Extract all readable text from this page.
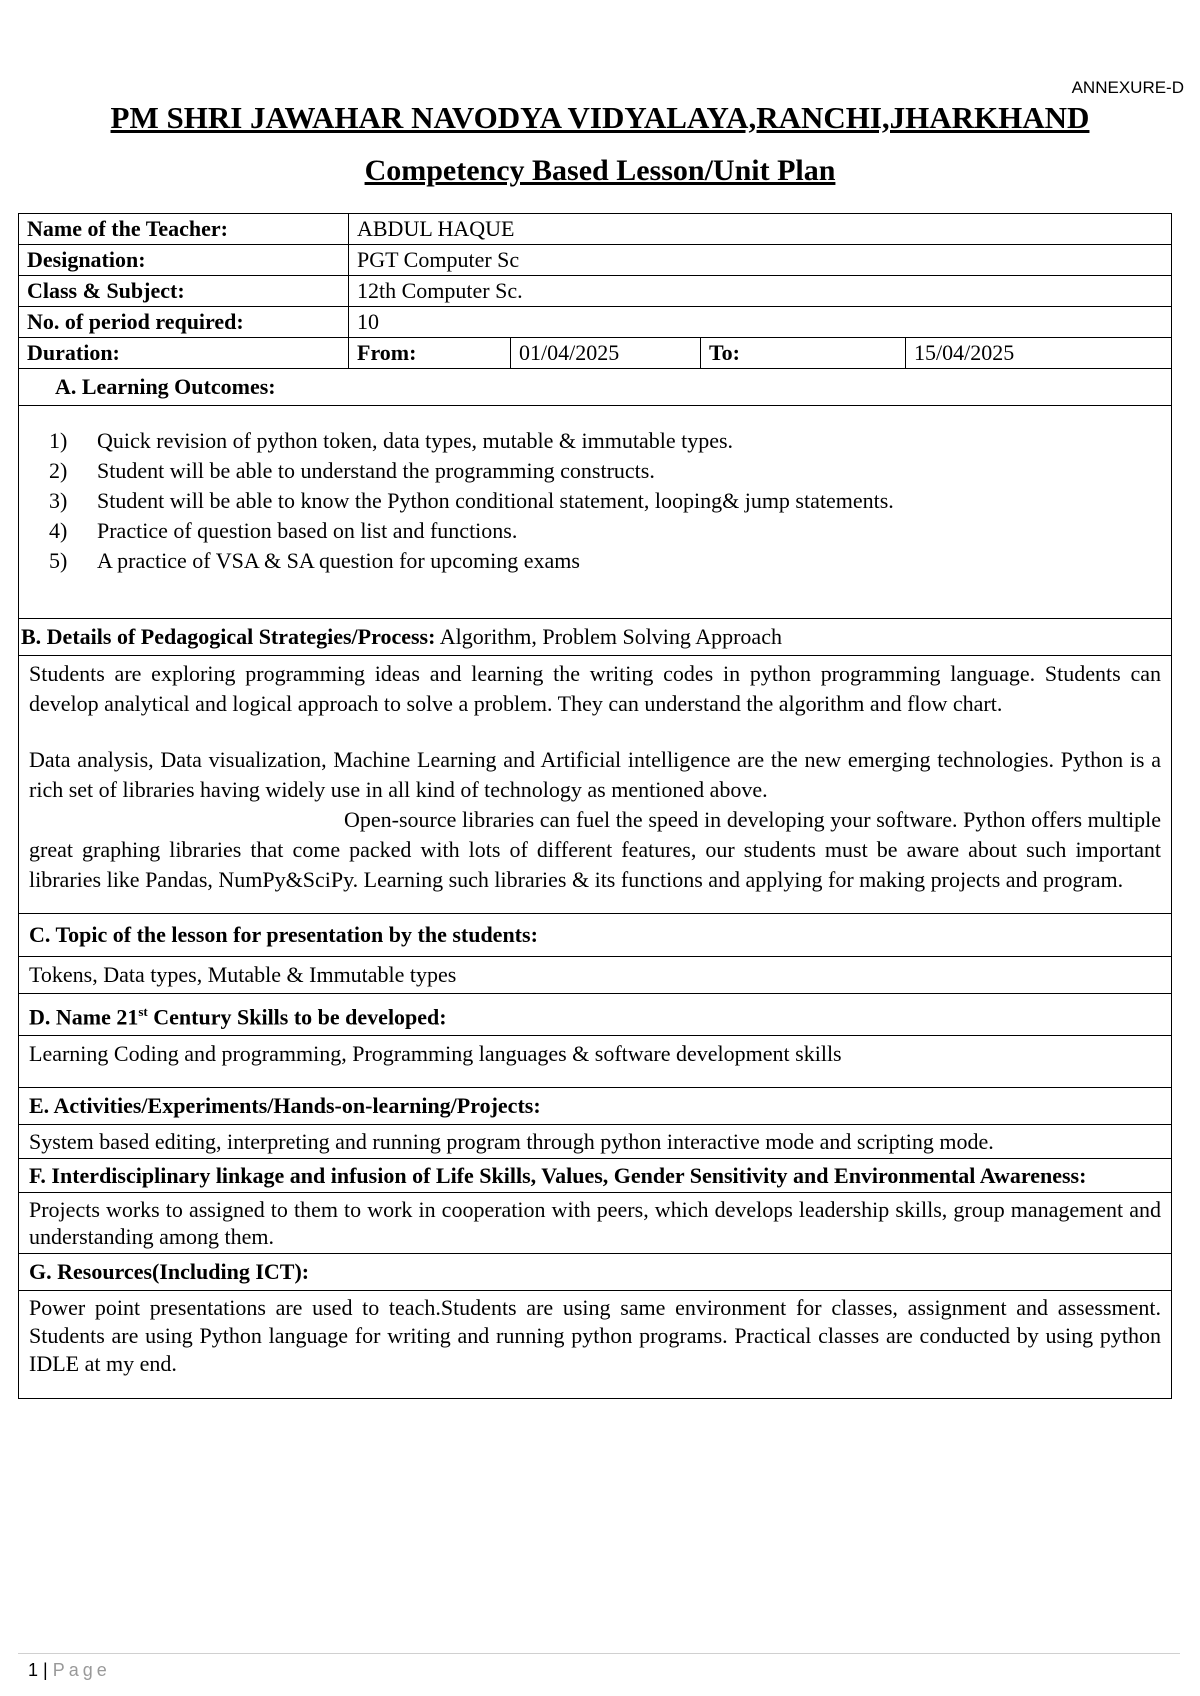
ANNEXURE-D
PM SHRI JAWAHAR NAVODYA VIDYALAYA,RANCHI,JHARKHAND
Competency Based Lesson/Unit Plan
Name of the Teacher:	ABDUL HAQUE			
Designation:	PGT Computer Sc			
Class & Subject:	12th Computer Sc.			
No. of period required:	10			
Duration:	From:	01/04/2025	To:	15/04/2025
A. Learning Outcomes:
1) Quick revision of python token, data types, mutable & immutable types.
2) Student will be able to understand the programming constructs.
3) Student will be able to know the Python conditional statement, looping& jump statements.
4) Practice of question based on list and functions.
5) A practice of VSA & SA question for upcoming exams
B. Details of Pedagogical Strategies/Process: Algorithm, Problem Solving Approach
Students are exploring programming ideas and learning the writing codes in python programming language. Students can develop analytical and logical approach to solve a problem. They can understand the algorithm and flow chart.
Data analysis, Data visualization, Machine Learning and Artificial intelligence are the new emerging technologies. Python is a rich set of libraries having widely use in all kind of technology as mentioned above.
Open-source libraries can fuel the speed in developing your software. Python offers multiple great graphing libraries that come packed with lots of different features, our students must be aware about such important libraries like Pandas, NumPy&SciPy. Learning such libraries & its functions and applying for making projects and program.
C. Topic of the lesson for presentation by the students:
Tokens, Data types, Mutable & Immutable types
D. Name 21st Century Skills to be developed:
Learning Coding and programming, Programming languages & software development skills
E. Activities/Experiments/Hands-on-learning/Projects:
System based editing, interpreting and running program through python interactive mode and scripting mode.
F. Interdisciplinary linkage and infusion of Life Skills, Values, Gender Sensitivity and Environmental Awareness:
Projects works to assigned to them to work in cooperation with peers, which develops leadership skills, group management and understanding among them.
G. Resources(Including ICT):
Power point presentations are used to teach.Students are using same environment for classes, assignment and assessment. Students are using Python language for writing and running python programs. Practical classes are conducted by using python IDLE at my end.
1 | Page
